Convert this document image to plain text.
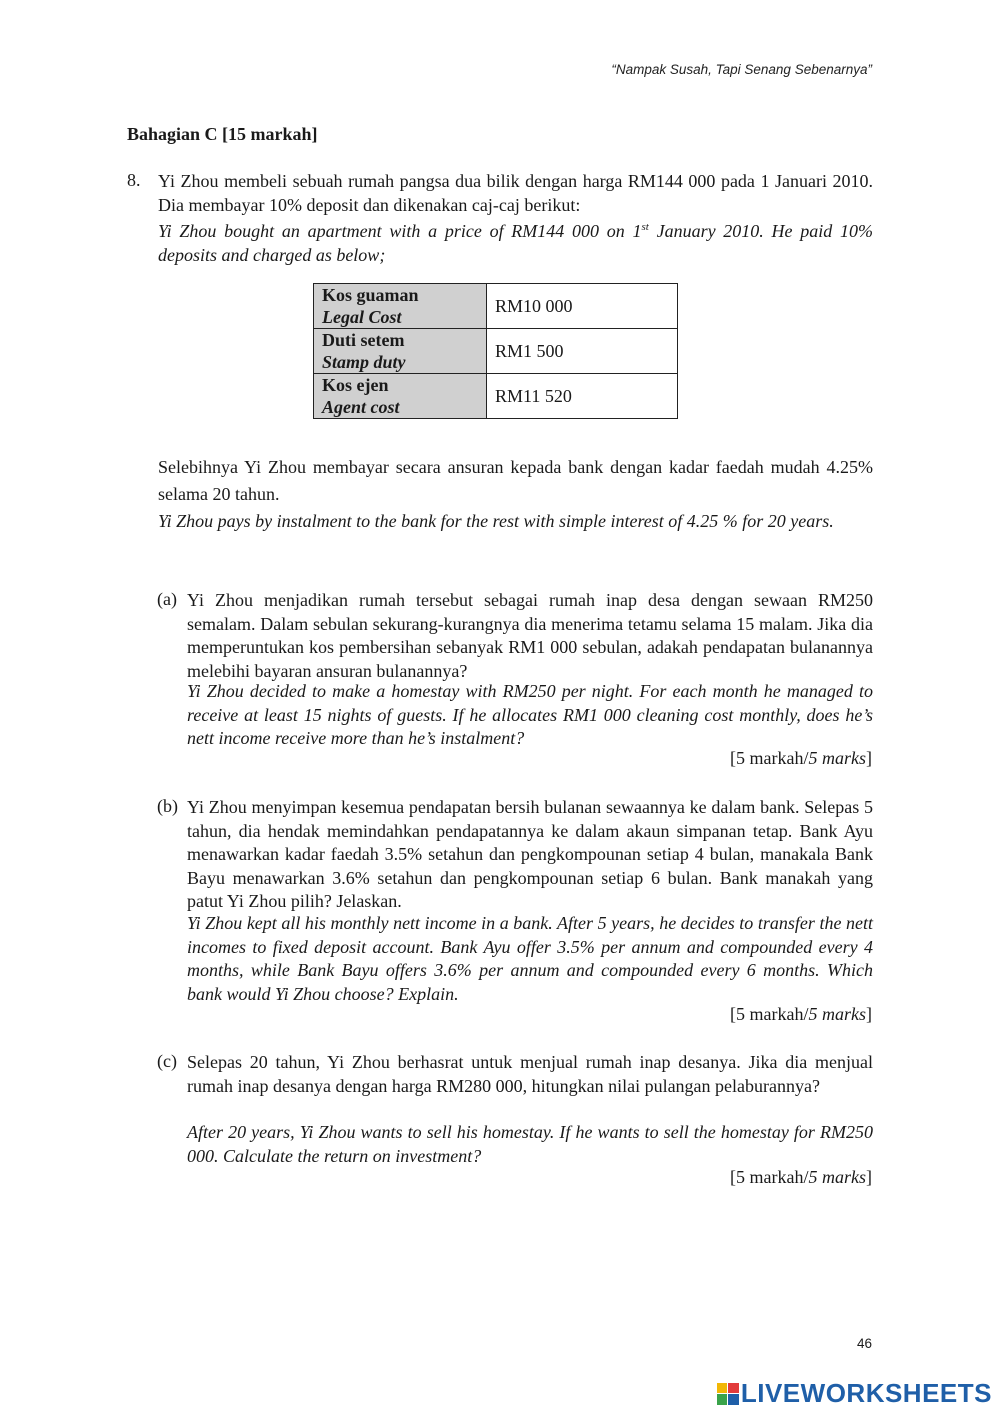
“Nampak Susah, Tapi Senang Sebenarnya”
Bahagian C [15 markah]
8. Yi Zhou membeli sebuah rumah pangsa dua bilik dengan harga RM144 000 pada 1 Januari 2010. Dia membayar 10% deposit dan dikenakan caj-caj berikut:
Yi Zhou bought an apartment with a price of RM144 000 on 1st January 2010. He paid 10% deposits and charged as below;
Kos guaman
Legal Cost	RM10 000

Duti setem
Stamp duty	RM1 500

Kos ejen
Agent cost	RM11 520
Selebihnya Yi Zhou membayar secara ansuran kepada bank dengan kadar faedah mudah 4.25% selama 20 tahun.
Yi Zhou pays by instalment to the bank for the rest with simple interest of 4.25 % for 20 years.
(a) Yi Zhou menjadikan rumah tersebut sebagai rumah inap desa dengan sewaan RM250 semalam. Dalam sebulan sekurang-kurangnya dia menerima tetamu selama 15 malam. Jika dia memperuntukan kos pembersihan sebanyak RM1 000 sebulan, adakah pendapatan bulanannya melebihi bayaran ansuran bulanannya?
Yi Zhou decided to make a homestay with RM250 per night. For each month he managed to receive at least 15 nights of guests. If he allocates RM1 000 cleaning cost monthly, does he’s nett income receive more than he’s instalment?
[5 markah/5 marks]
(b) Yi Zhou menyimpan kesemua pendapatan bersih bulanan sewaannya ke dalam bank. Selepas 5 tahun, dia hendak memindahkan pendapatannya ke dalam akaun simpanan tetap. Bank Ayu menawarkan kadar faedah 3.5% setahun dan pengkompounan setiap 4 bulan, manakala Bank Bayu menawarkan 3.6% setahun dan pengkompounan setiap 6 bulan. Bank manakah yang patut Yi Zhou pilih? Jelaskan.
Yi Zhou kept all his monthly nett income in a bank. After 5 years, he decides to transfer the nett incomes to fixed deposit account. Bank Ayu offer 3.5% per annum and compounded every 4 months, while Bank Bayu offers 3.6% per annum and compounded every 6 months. Which bank would Yi Zhou choose? Explain.
[5 markah/5 marks]
(c) Selepas 20 tahun, Yi Zhou berhasrat untuk menjual rumah inap desanya. Jika dia menjual rumah inap desanya dengan harga RM280 000, hitungkan nilai pulangan pelaburannya?
After 20 years, Yi Zhou wants to sell his homestay. If he wants to sell the homestay for RM250 000. Calculate the return on investment?
[5 markah/5 marks]
46
LIVEWORKSHEETS
